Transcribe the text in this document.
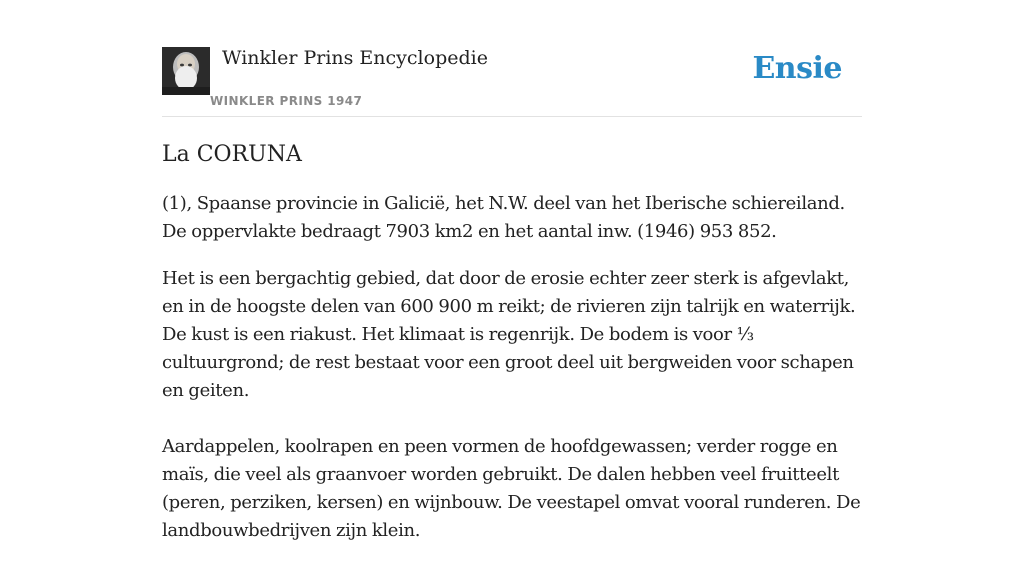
Winkler Prins Encyclopedie
WINKLER PRINS 1947
Ensie
La CORUNA

(1), Spaanse provincie in Galicië, het N.W. deel van het Iberische schiereiland. De oppervlakte bedraagt 7903 km2 en het aantal inw. (1946) 953 852.

Het is een bergachtig gebied, dat door de erosie echter zeer sterk is afgevlakt, en in de hoogste delen van 600 900 m reikt; de rivieren zijn talrijk en waterrijk. De kust is een riakust. Het klimaat is regenrijk. De bodem is voor ⅓ cultuurgrond; de rest bestaat voor een groot deel uit bergweiden voor schapen en geiten.

Aardappelen, koolrapen en peen vormen de hoofdgewassen; verder rogge en maïs, die veel als graanvoer worden gebruikt. De dalen hebben veel fruitteelt (peren, perziken, kersen) en wijnbouw. De veestapel omvat vooral runderen. De landbouwbedrijven zijn klein.
